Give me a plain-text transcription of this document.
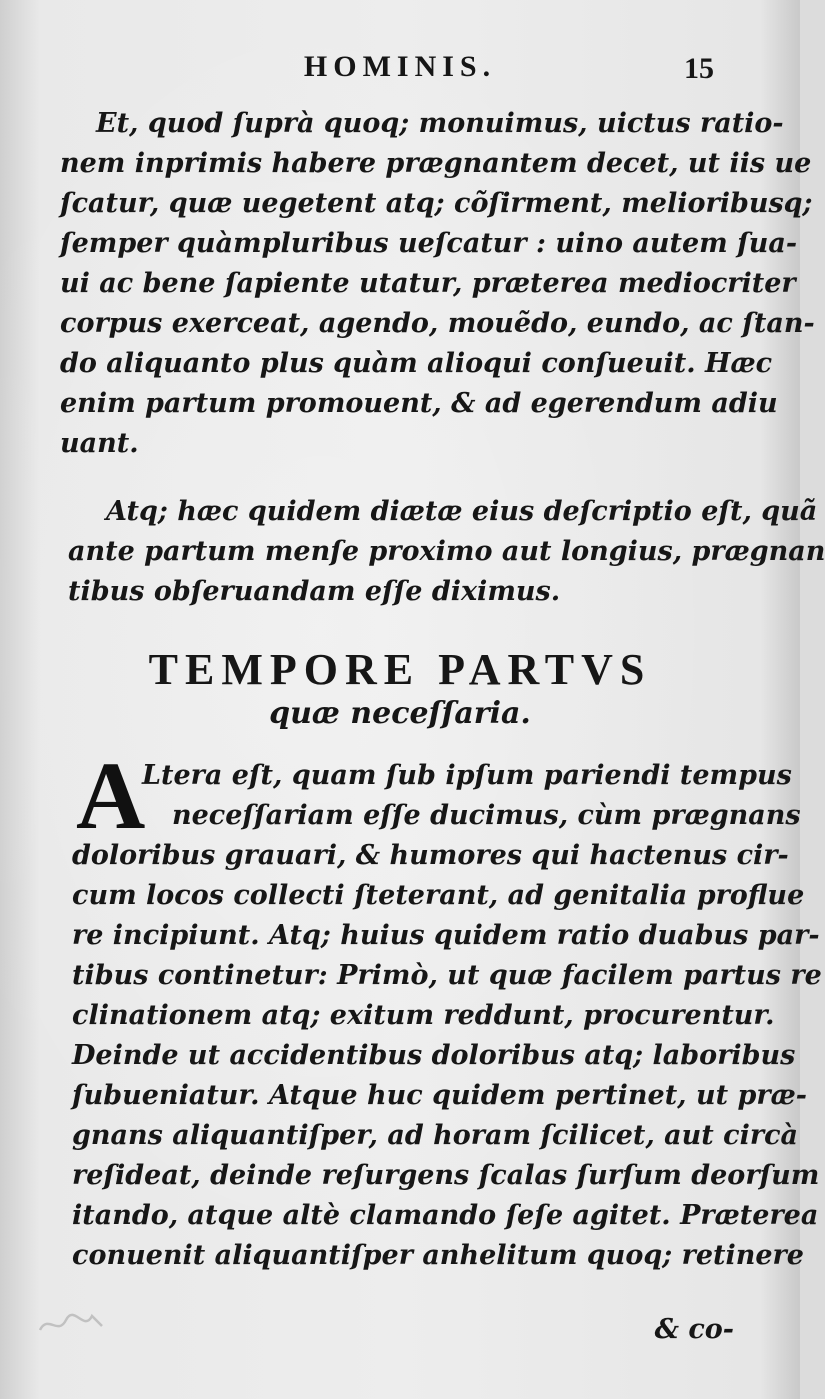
HOMINIS.	15
Et, quod ſuprà quoq; monuimus, uictus ratio-
nem inprimis habere prægnantem decet, ut iis ue
ſcatur, quæ uegetent atq; cõſirment, melioribusq;
ſemper quàmpluribus ueſcatur : uino autem ſua-
ui ac bene ſapiente utatur, præterea mediocriter
corpus exerceat, agendo, mouẽdo, eundo, ac ſtan-
do aliquanto plus quàm alioqui conſueuit. Hæc
enim partum promouent, & ad egerendum adiu
uant.
Atq; hæc quidem diætæ eius deſcriptio eſt, quã
ante partum menſe proximo aut longius, prægnan
tibus obſeruandam eſſe diximus.
TEMPORE PARTVS
quæ neceſſaria.
A
Ltera eſt, quam ſub ipſum pariendi tempus
neceſſariam eſſe ducimus, cùm prægnans
doloribus grauari, & humores qui hactenus cir-
cum locos collecti ſteterant, ad genitalia proflue
re incipiunt. Atq; huius quidem ratio duabus par-
tibus continetur: Primò, ut quæ facilem partus re
clinationem atq; exitum reddunt, procurentur.
Deinde ut accidentibus doloribus atq; laboribus
ſubueniatur. Atque huc quidem pertinet, ut præ-
gnans aliquantiſper, ad horam ſcilicet, aut circà
reſideat, deinde reſurgens ſcalas ſurſum deorſum
itando, atque altè clamando ſeſe agitet. Præterea
conuenit aliquantiſper anhelitum quoq; retinere
& co-
